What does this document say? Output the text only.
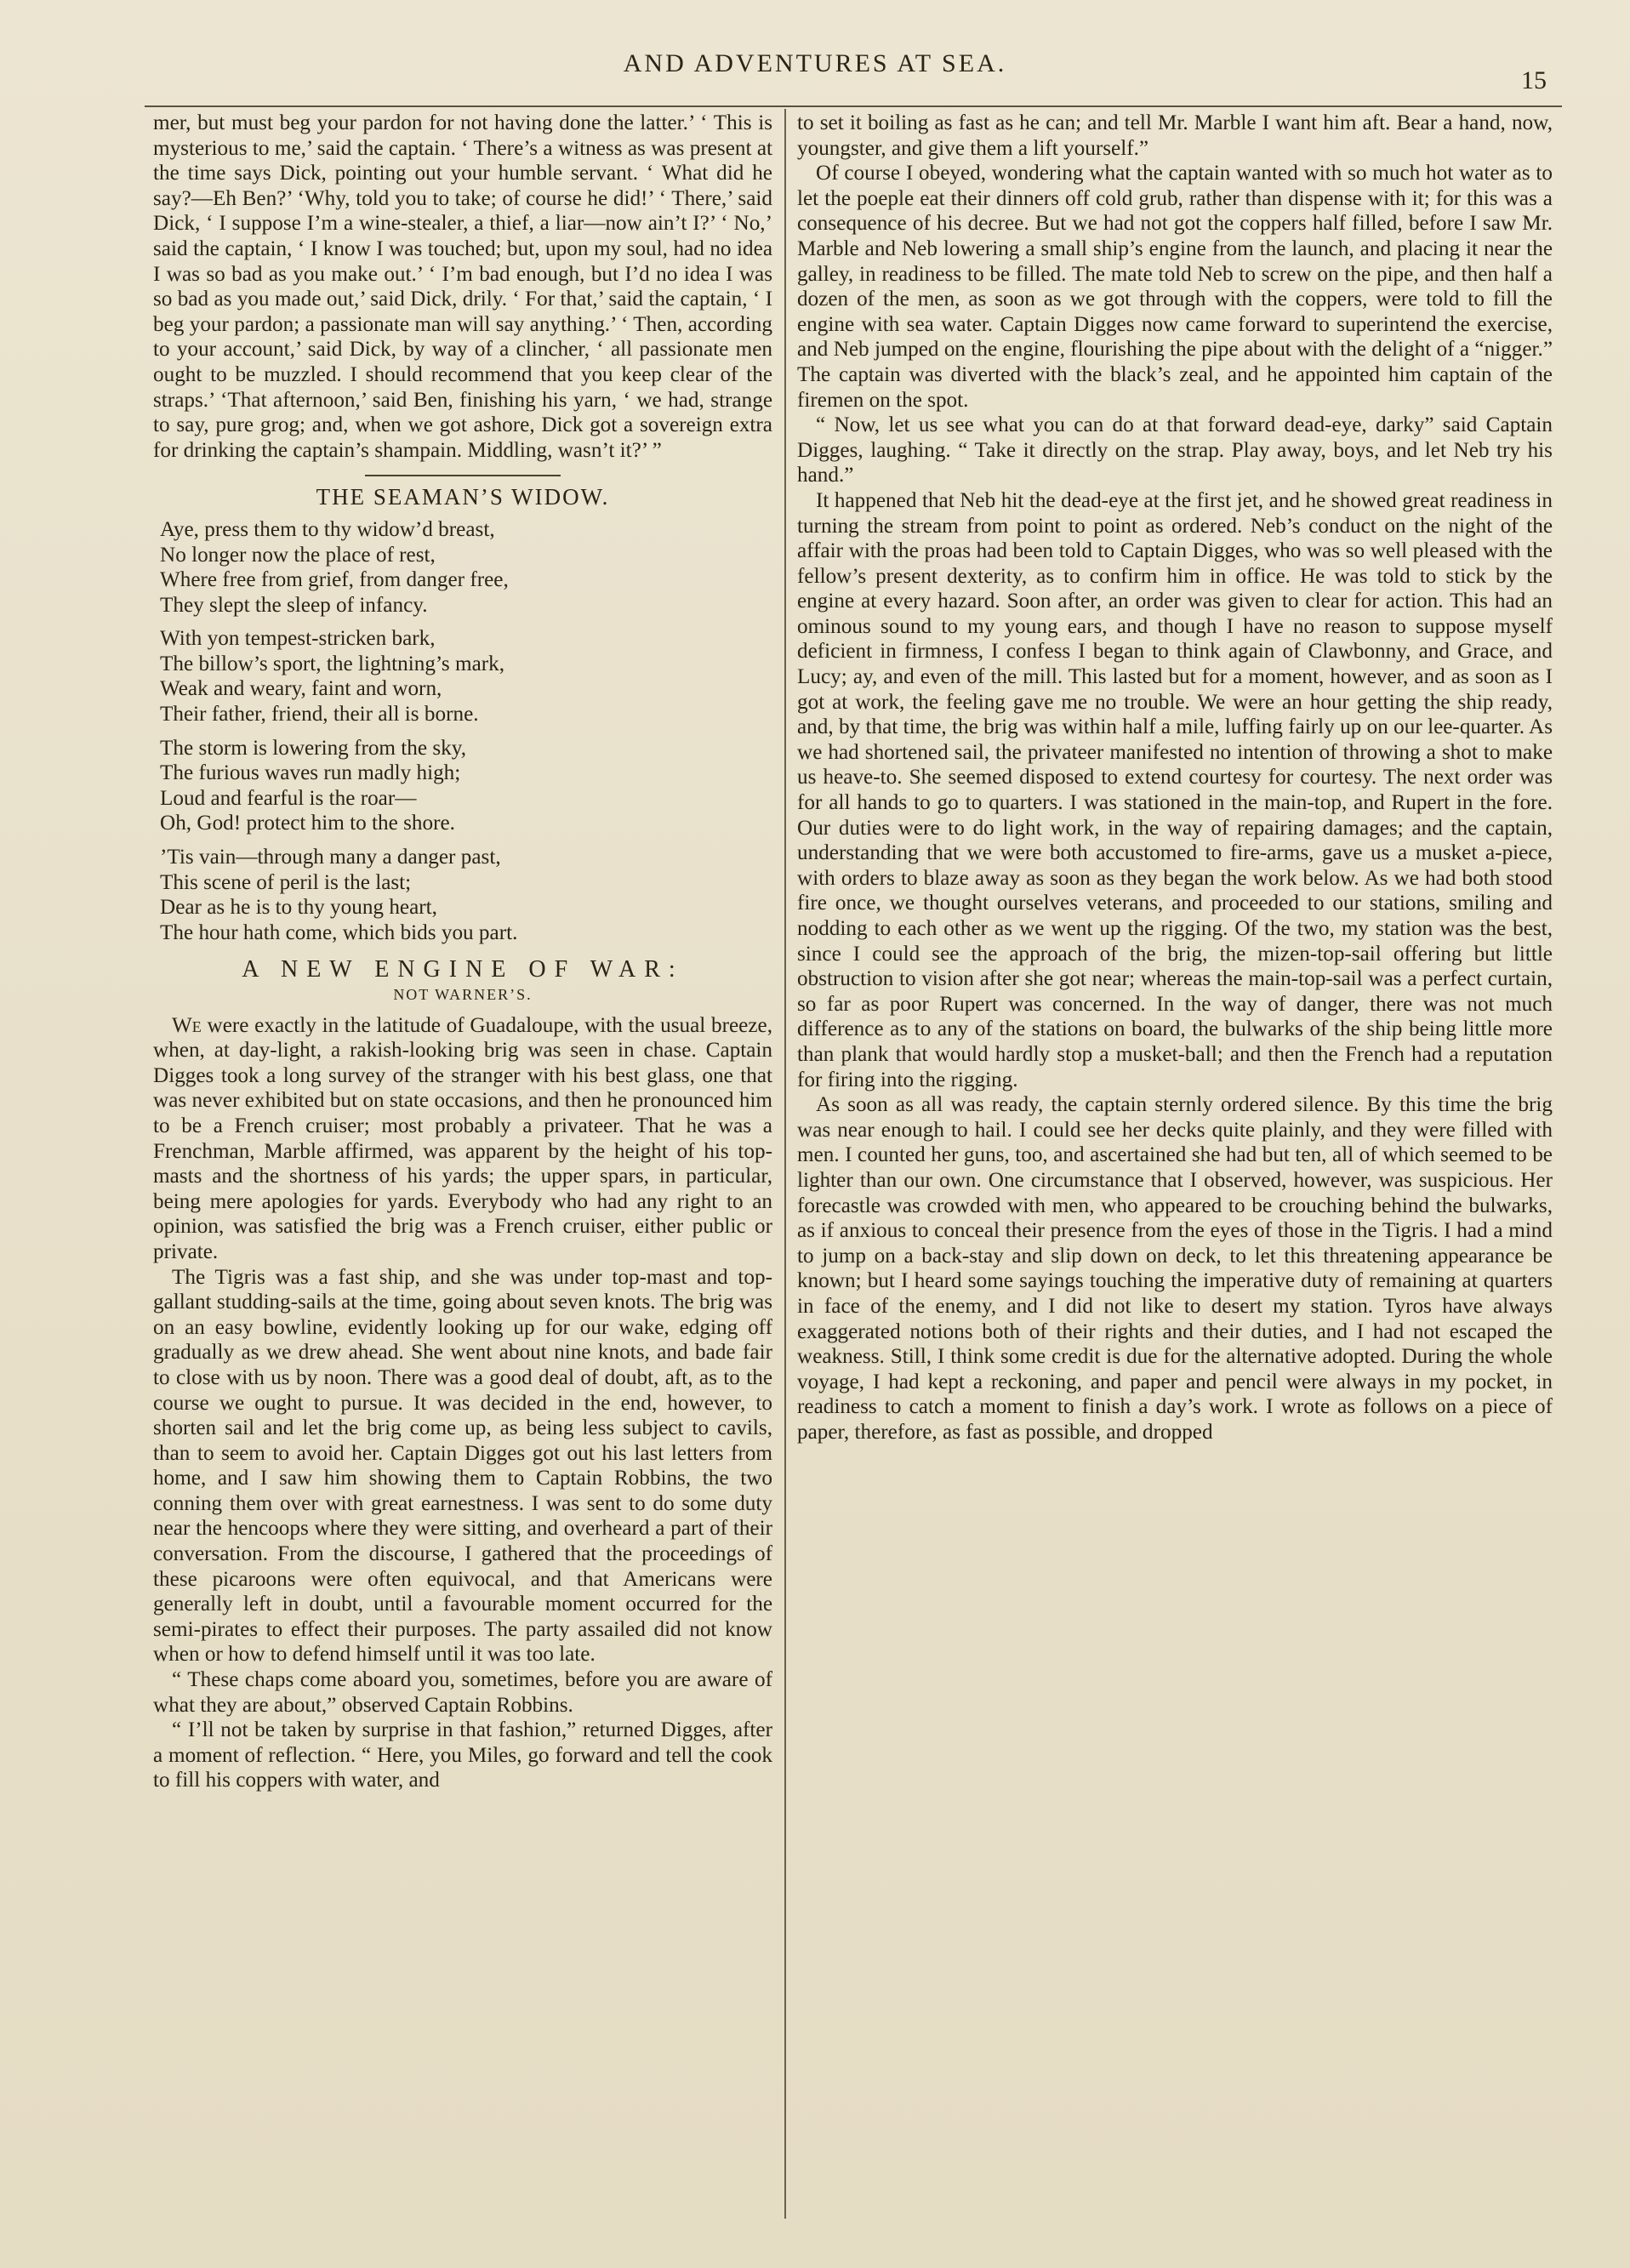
AND ADVENTURES AT SEA.
15

mer, but must beg your pardon for not having done the latter.’ ‘ This is mysterious to me,’ said the captain. ‘ There’s a witness as was present at the time says Dick, pointing out your humble servant. ‘ What did he say?—Eh Ben?’ ‘Why, told you to take; of course he did!’ ‘ There,’ said Dick, ‘ I suppose I’m a wine-stealer, a thief, a liar—now ain’t I?’ ‘ No,’ said the captain, ‘ I know I was touched; but, upon my soul, had no idea I was so bad as you make out.’ ‘ I’m bad enough, but I’d no idea I was so bad as you made out,’ said Dick, drily. ‘ For that,’ said the captain, ‘ I beg your pardon; a passionate man will say anything.’ ‘ Then, according to your account,’ said Dick, by way of a clincher, ‘ all passionate men ought to be muzzled. I should recommend that you keep clear of the straps.’ ‘That afternoon,’ said Ben, finishing his yarn, ‘ we had, strange to say, pure grog; and, when we got ashore, Dick got a sovereign extra for drinking the captain’s shampain. Middling, wasn’t it?’ ”

THE SEAMAN’S WIDOW.
Aye, press them to thy widow’d breast,
No longer now the place of rest,
Where free from grief, from danger free,
They slept the sleep of infancy.
With yon tempest-stricken bark,
The billow’s sport, the lightning’s mark,
Weak and weary, faint and worn,
Their father, friend, their all is borne.
The storm is lowering from the sky,
The furious waves run madly high;
Loud and fearful is the roar—
Oh, God! protect him to the shore.
’Tis vain—through many a danger past,
This scene of peril is the last;
Dear as he is to thy young heart,
The hour hath come, which bids you part.
A NEW ENGINE OF WAR:
NOT WARNER’S.

We were exactly in the latitude of Guadaloupe, with the usual breeze, when, at day-light, a rakish-looking brig was seen in chase. Captain Digges took a long survey of the stranger with his best glass, one that was never exhibited but on state occasions, and then he pronounced him to be a French cruiser; most probably a privateer. That he was a Frenchman, Marble affirmed, was apparent by the height of his top-masts and the shortness of his yards; the upper spars, in particular, being mere apologies for yards. Everybody who had any right to an opinion, was satisfied the brig was a French cruiser, either public or private.

The Tigris was a fast ship, and she was under top-mast and top-gallant studding-sails at the time, going about seven knots. The brig was on an easy bowline, evidently looking up for our wake, edging off gradually as we drew ahead. She went about nine knots, and bade fair to close with us by noon. There was a good deal of doubt, aft, as to the course we ought to pursue. It was decided in the end, however, to shorten sail and let the brig come up, as being less subject to cavils, than to seem to avoid her. Captain Digges got out his last letters from home, and I saw him showing them to Captain Robbins, the two conning them over with great earnestness. I was sent to do some duty near the hencoops where they were sitting, and overheard a part of their conversation. From the discourse, I gathered that the proceedings of these picaroons were often equivocal, and that Americans were generally left in doubt, until a favourable moment occurred for the semi-pirates to effect their purposes. The party assailed did not know when or how to defend himself until it was too late.

“ These chaps come aboard you, sometimes, before you are aware of what they are about,” observed Captain Robbins.

“ I’ll not be taken by surprise in that fashion,” returned Digges, after a moment of reflection. “ Here, you Miles, go forward and tell the cook to fill his coppers with water, and

to set it boiling as fast as he can; and tell Mr. Marble I want him aft. Bear a hand, now, youngster, and give them a lift yourself.”

Of course I obeyed, wondering what the captain wanted with so much hot water as to let the poeple eat their dinners off cold grub, rather than dispense with it; for this was a consequence of his decree. But we had not got the coppers half filled, before I saw Mr. Marble and Neb lowering a small ship’s engine from the launch, and placing it near the galley, in readiness to be filled. The mate told Neb to screw on the pipe, and then half a dozen of the men, as soon as we got through with the coppers, were told to fill the engine with sea water. Captain Digges now came forward to superintend the exercise, and Neb jumped on the engine, flourishing the pipe about with the delight of a “nigger.” The captain was diverted with the black’s zeal, and he appointed him captain of the firemen on the spot.

“ Now, let us see what you can do at that forward dead-eye, darky” said Captain Digges, laughing. “ Take it directly on the strap. Play away, boys, and let Neb try his hand.”

It happened that Neb hit the dead-eye at the first jet, and he showed great readiness in turning the stream from point to point as ordered. Neb’s conduct on the night of the affair with the proas had been told to Captain Digges, who was so well pleased with the fellow’s present dexterity, as to confirm him in office. He was told to stick by the engine at every hazard. Soon after, an order was given to clear for action. This had an ominous sound to my young ears, and though I have no reason to suppose myself deficient in firmness, I confess I began to think again of Clawbonny, and Grace, and Lucy; ay, and even of the mill. This lasted but for a moment, however, and as soon as I got at work, the feeling gave me no trouble. We were an hour getting the ship ready, and, by that time, the brig was within half a mile, luffing fairly up on our lee-quarter. As we had shortened sail, the privateer manifested no intention of throwing a shot to make us heave-to. She seemed disposed to extend courtesy for courtesy. The next order was for all hands to go to quarters. I was stationed in the main-top, and Rupert in the fore. Our duties were to do light work, in the way of repairing damages; and the captain, understanding that we were both accustomed to fire-arms, gave us a musket a-piece, with orders to blaze away as soon as they began the work below. As we had both stood fire once, we thought ourselves veterans, and proceeded to our stations, smiling and nodding to each other as we went up the rigging. Of the two, my station was the best, since I could see the approach of the brig, the mizen-top-sail offering but little obstruction to vision after she got near; whereas the main-top-sail was a perfect curtain, so far as poor Rupert was concerned. In the way of danger, there was not much difference as to any of the stations on board, the bulwarks of the ship being little more than plank that would hardly stop a musket-ball; and then the French had a reputation for firing into the rigging.

As soon as all was ready, the captain sternly ordered silence. By this time the brig was near enough to hail. I could see her decks quite plainly, and they were filled with men. I counted her guns, too, and ascertained she had but ten, all of which seemed to be lighter than our own. One circumstance that I observed, however, was suspicious. Her forecastle was crowded with men, who appeared to be crouching behind the bulwarks, as if anxious to conceal their presence from the eyes of those in the Tigris. I had a mind to jump on a back-stay and slip down on deck, to let this threatening appearance be known; but I heard some sayings touching the imperative duty of remaining at quarters in face of the enemy, and I did not like to desert my station. Tyros have always exaggerated notions both of their rights and their duties, and I had not escaped the weakness. Still, I think some credit is due for the alternative adopted. During the whole voyage, I had kept a reckoning, and paper and pencil were always in my pocket, in readiness to catch a moment to finish a day’s work. I wrote as follows on a piece of paper, therefore, as fast as possible, and dropped
